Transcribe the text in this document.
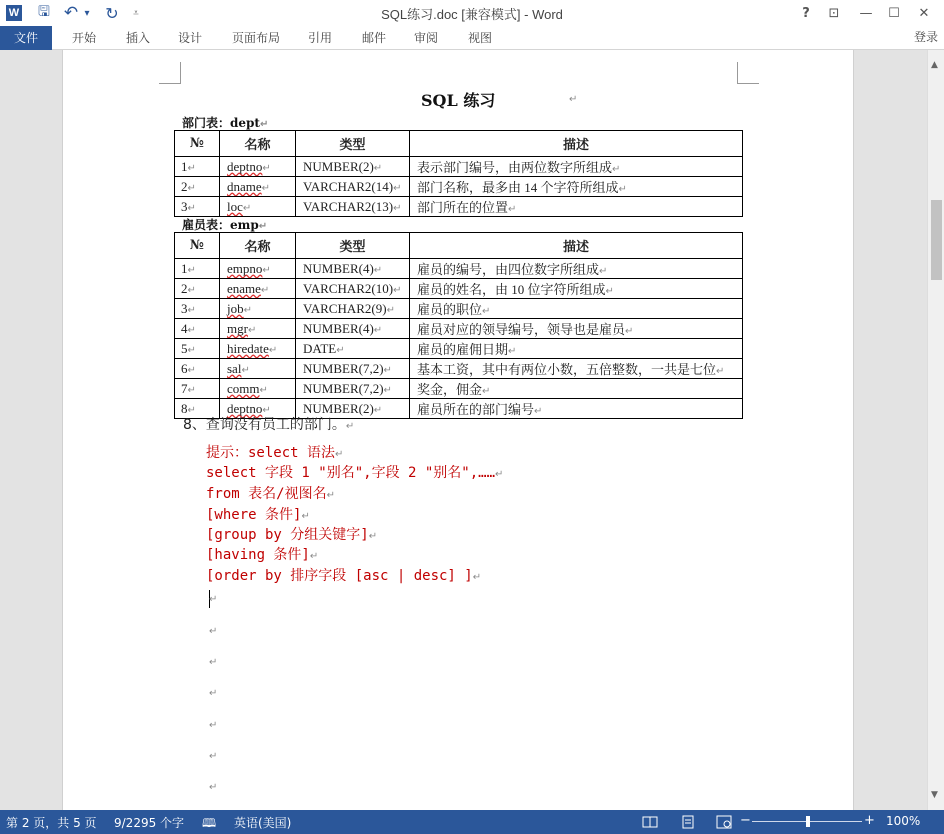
W 🖫 ↶ ▾ ↻	⩡	SQL练习.doc [兼容模式] - Word	?	⊡	—	☐	✕
文件	开始	插入	设计	页面布局	引用	邮件	审阅	视图	登录
SQL 练习	↵
部门表：dept↵
№	名称	类型	描述
1↵	deptno↵	NUMBER(2)↵	表示部门编号，由两位数字所组成↵
2↵	dname↵	VARCHAR2(14)↵	部门名称，最多由 14 个字符所组成↵
3↵	loc↵	VARCHAR2(13)↵	部门所在的位置↵
雇员表：emp↵
№	名称	类型	描述
1↵	empno↵	NUMBER(4)↵	雇员的编号，由四位数字所组成↵
2↵	ename↵	VARCHAR2(10)↵	雇员的姓名，由 10 位字符所组成↵
3↵	job↵	VARCHAR2(9)↵	雇员的职位↵
4↵	mgr↵	NUMBER(4)↵	雇员对应的领导编号，领导也是雇员↵
5↵	hiredate↵	DATE↵	雇员的雇佣日期↵
6↵	sal↵	NUMBER(7,2)↵	基本工资，其中有两位小数，五倍整数，一共是七位↵
7↵	comm↵	NUMBER(7,2)↵	奖金，佣金↵
8↵	deptno↵	NUMBER(2)↵	雇员所在的部门编号↵
8、查询没有员工的部门。↵
提示：select 语法↵
select 字段 1 "别名",字段 2 "别名",……↵
from 表名/视图名↵
[where 条件]↵
[group by 分组关键字]↵
[having 条件]↵
[order by 排序字段 [asc | desc] ]↵
↵
↵
↵
↵
↵
↵
↵
▲
▼
第 2 页，共 5 页 9/2295 个字 🕮 英语(美国)	−	+ 100%
